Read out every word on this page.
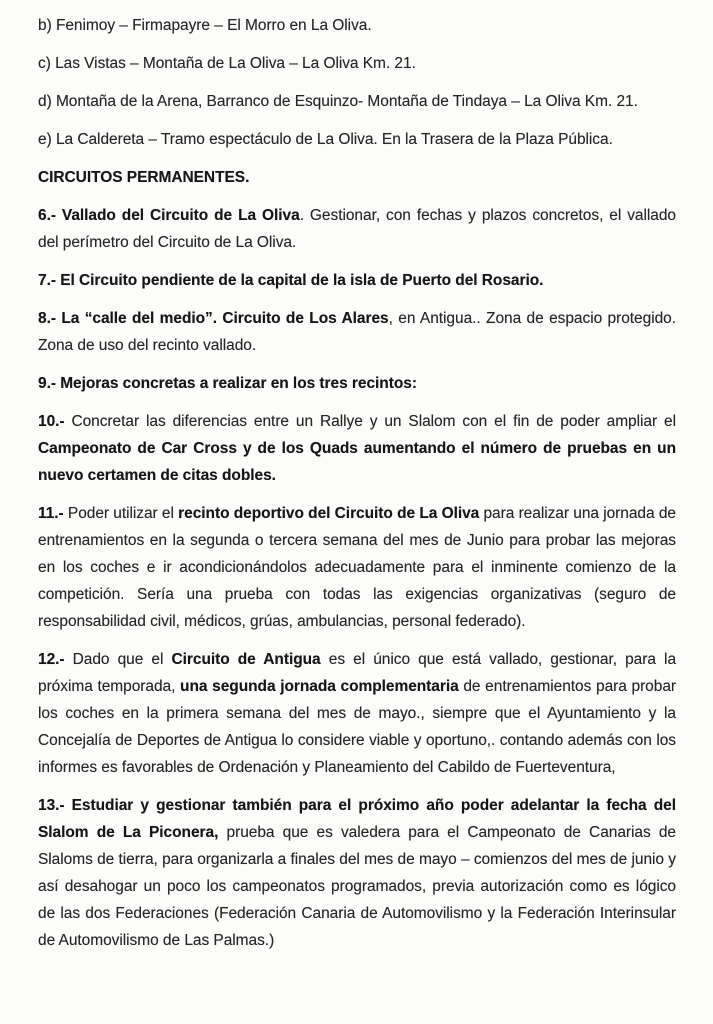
b) Fenimoy – Firmapayre – El Morro en La Oliva.

c) Las Vistas – Montaña de La Oliva – La Oliva Km. 21.

d) Montaña de la Arena, Barranco de Esquinzo- Montaña de Tindaya – La Oliva Km. 21.

e) La Caldereta – Tramo espectáculo de La Oliva. En la Trasera de la Plaza Pública.

CIRCUITOS PERMANENTES.

6.- Vallado del Circuito de La Oliva. Gestionar, con fechas y plazos concretos, el vallado del perímetro del Circuito de La Oliva.

7.- El Circuito pendiente de la capital de la isla de Puerto del Rosario.

8.- La “calle del medio”. Circuito de Los Alares, en Antigua.. Zona de espacio protegido. Zona de uso del recinto vallado.

9.- Mejoras concretas a realizar en los tres recintos:

10.- Concretar las diferencias entre un Rallye y un Slalom con el fin de poder ampliar el Campeonato de Car Cross y de los Quads aumentando el número de pruebas en un nuevo certamen de citas dobles.

11.- Poder utilizar el recinto deportivo del Circuito de La Oliva para realizar una jornada de entrenamientos en la segunda o tercera semana del mes de Junio para probar las mejoras en los coches e ir acondicionándolos adecuadamente para el inminente comienzo de la competición. Sería una prueba con todas las exigencias organizativas (seguro de responsabilidad civil, médicos, grúas, ambulancias, personal federado).

12.- Dado que el Circuito de Antigua es el único que está vallado, gestionar, para la próxima temporada, una segunda jornada complementaria de entrenamientos para probar los coches en la primera semana del mes de mayo., siempre que el Ayuntamiento y la Concejalía de Deportes de Antigua lo considere viable y oportuno,. contando además con los informes es favorables de Ordenación y Planeamiento del Cabildo de Fuerteventura,

13.- Estudiar y gestionar también para el próximo año poder adelantar la fecha del Slalom de La Piconera, prueba que es valedera para el Campeonato de Canarias de Slaloms de tierra, para organizarla a finales del mes de mayo – comienzos del mes de junio y así desahogar un poco los campeonatos programados, previa autorización como es lógico de las dos Federaciones (Federación Canaria de Automovilismo y la Federación Interinsular de Automovilismo de Las Palmas.)
